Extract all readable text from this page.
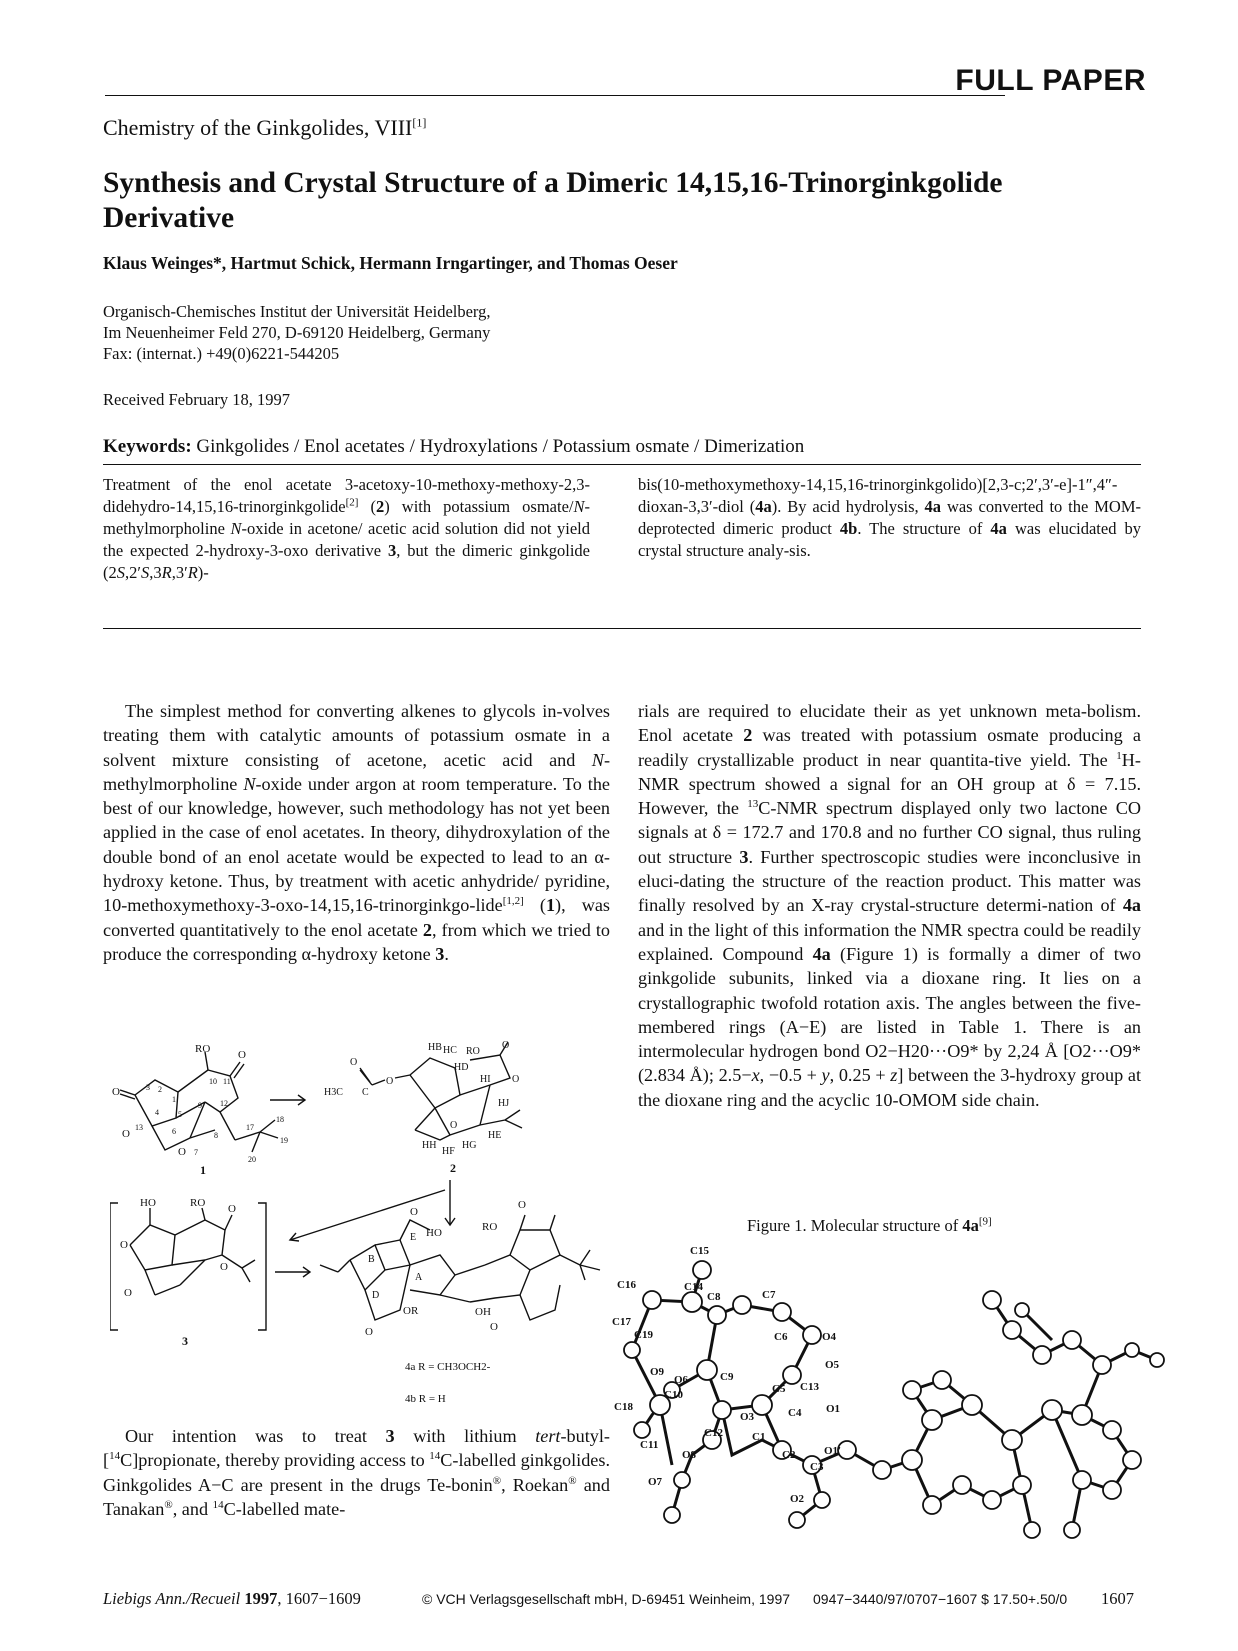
FULL PAPER
Chemistry of the Ginkgolides, VIII[1]
Synthesis and Crystal Structure of a Dimeric 14,15,16-Trinorginkgolide
Derivative
Klaus Weinges*, Hartmut Schick, Hermann Irngartinger, and Thomas Oeser
Organisch-Chemisches Institut der Universität Heidelberg,
Im Neuenheimer Feld 270, D-69120 Heidelberg, Germany
Fax: (internat.) +49(0)6221-544205
Received February 18, 1997
Keywords: Ginkgolides / Enol acetates / Hydroxylations / Potassium osmate / Dimerization
Treatment of the enol acetate 3-acetoxy-10-methoxy-methoxy-2,3-didehydro-14,15,16-trinorginkgolide[2] (2) with potassium osmate/N-methylmorpholine N-oxide in acetone/ acetic acid solution did not yield the expected 2-hydroxy-3-oxo derivative 3, but the dimeric ginkgolide (2S,2′S,3R,3′R)-
bis(10-methoxymethoxy-14,15,16-trinorginkgolido)[2,3-c;2′,3′-e]-1″,4″-dioxan-3,3′-diol (4a). By acid hydrolysis, 4a was converted to the MOM-deprotected dimeric product 4b. The structure of 4a was elucidated by crystal structure analy-sis.

The simplest method for converting alkenes to glycols in-volves treating them with catalytic amounts of potassium osmate in a solvent mixture consisting of acetone, acetic acid and N-methylmorpholine N-oxide under argon at room temperature. To the best of our knowledge, however, such methodology has not yet been applied in the case of enol acetates. In theory, dihydroxylation of the double bond of an enol acetate would be expected to lead to an α-hydroxy ketone. Thus, by treatment with acetic anhydride/ pyridine, 10-methoxymethoxy-3-oxo-14,15,16-trinorginkgo-lide[1,2] (1), was converted quantitatively to the enol acetate 2, from which we tried to produce the corresponding α-hydroxy ketone 3.

RO	O
O
O
O
10 11
2
3
1
4 5
9 12
13	6
7
8
17
18
19
20
1
HB HC
HD
RO
O
O
H3C C
O	O
HI
HJ
O
HH
HF
HG
HE
2
HO	RO O
O
O
O
3
O
HO
E
B
A
D
O
OR	OH
RO
O
O
4a R = CH3OCH2-
4b R = H

Our intention was to treat 3 with lithium tert-butyl-[$^{14}$C]propionate, thereby providing access to $^{14}$C-labelled ginkgolides. Ginkgolides A−C are present in the drugs Te-bonin®, Roekan® and Tanakan®, and $^{14}$C-labelled mate-

rials are required to elucidate their as yet unknown meta-bolism. Enol acetate 2 was treated with potassium osmate producing a readily crystallizable product in near quantita-tive yield. The $^1$H-NMR spectrum showed a signal for an OH group at δ = 7.15. However, the $^{13}$C-NMR spectrum displayed only two lactone CO signals at δ = 172.7 and 170.8 and no further CO signal, thus ruling out structure 3. Further spectroscopic studies were inconclusive in eluci-dating the structure of the reaction product. This matter was finally resolved by an X-ray crystal-structure determi-nation of 4a and in the light of this information the NMR spectra could be readily explained. Compound 4a (Figure 1) is formally a dimer of two ginkgolide subunits, linked via a dioxane ring. It lies on a crystallographic twofold rotation axis. The angles between the five-membered rings (A−E) are listed in Table 1. There is an intermolecular hydrogen bond O2−H20···O9* by 2,24 Å [O2···O9* (2.834 Å); 2.5−x, −0.5 + y, 0.25 + z] between the 3-hydroxy group at the dioxane ring and the acyclic 10-OMOM side chain.

Figure 1. Molecular structure of 4a[9]
C15
C16	C14
C7
C8
C17
C19	C6	O4
O9
O6	C9
O5
C13
C10	C5
C18	C4 O1
C12
O3
C1
C11
C2	O1'
O8
C3
O7
O2
Liebigs Ann./Recueil 1997, 1607−1609	© VCH Verlagsgesellschaft mbH, D-69451 Weinheim, 1997 0947−3440/97/0707−1607 $ 17.50+.50/0 1607
